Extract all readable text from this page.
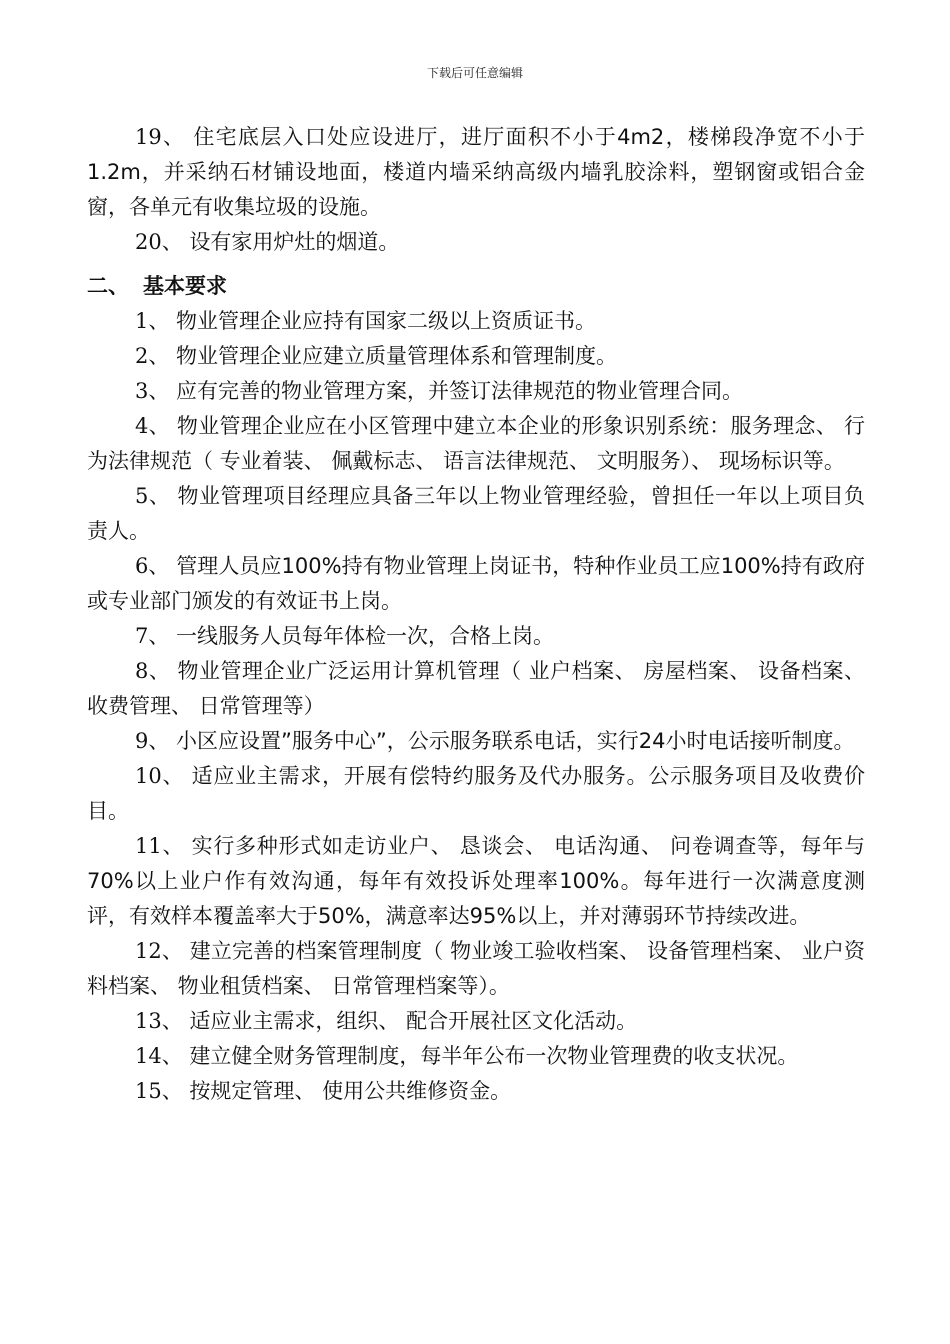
下载后可任意编辑

19、 住宅底层入口处应设进厅，进厅面积不小于4m2，楼梯段净宽不小于1.2m，并采纳石材铺设地面，楼道内墙采纳高级内墙乳胶涂料，塑钢窗或铝合金窗，各单元有收集垃圾的设施。

20、 设有家用炉灶的烟道。

二、 基本要求

1、 物业管理企业应持有国家二级以上资质证书。

2、 物业管理企业应建立质量管理体系和管理制度。

3、 应有完善的物业管理方案，并签订法律规范的物业管理合同。

4、 物业管理企业应在小区管理中建立本企业的形象识别系统：服务理念、 行为法律规范（ 专业着装、 佩戴标志、 语言法律规范、 文明服务）、 现场标识等。

5、 物业管理项目经理应具备三年以上物业管理经验，曾担任一年以上项目负责人。

6、 管理人员应100%持有物业管理上岗证书，特种作业员工应100%持有政府或专业部门颁发的有效证书上岗。

7、 一线服务人员每年体检一次，合格上岗。

8、 物业管理企业广泛运用计算机管理（ 业户档案、 房屋档案、 设备档案、 收费管理、 日常管理等）

9、 小区应设置”服务中心”，公示服务联系电话，实行24小时电话接听制度。

10、 适应业主需求，开展有偿特约服务及代办服务。公示服务项目及收费价目。

11、 实行多种形式如走访业户、 恳谈会、 电话沟通、 问卷调查等，每年与70%以上业户作有效沟通，每年有效投诉处理率100%。每年进行一次满意度测评，有效样本覆盖率大于50%，满意率达95%以上，并对薄弱环节持续改进。

12、 建立完善的档案管理制度（ 物业竣工验收档案、 设备管理档案、 业户资料档案、 物业租赁档案、 日常管理档案等）。

13、 适应业主需求，组织、 配合开展社区文化活动。

14、 建立健全财务管理制度，每半年公布一次物业管理费的收支状况。

15、 按规定管理、 使用公共维修资金。
